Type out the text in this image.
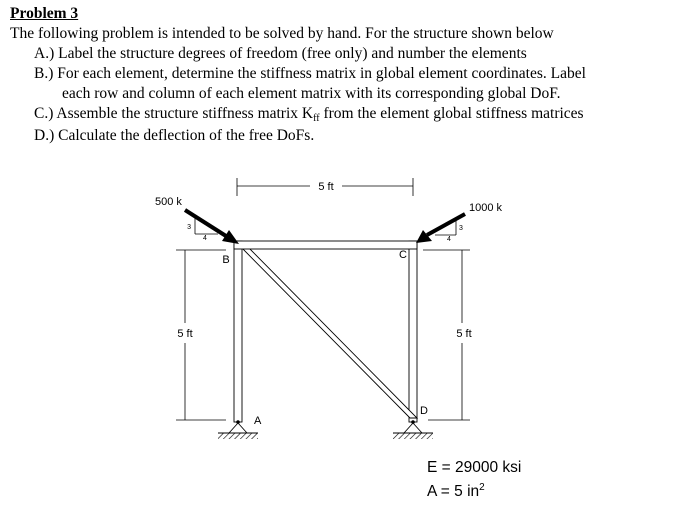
Problem 3
The following problem is intended to be solved by hand. For the structure shown below
A.) Label the structure degrees of freedom (free only) and number the elements
B.) For each element, determine the stiffness matrix in global element coordinates. Label
each row and column of each element matrix with its corresponding global DoF.
C.) Assemble the structure stiffness matrix Kff from the element global stiffness matrices
D.) Calculate the deflection of the free DoFs.
5 ft
5 ft	5 ft
3
4
500 k
3
4
1000 k
B	C
A
D
E = 29000 ksi
A = 5 $in^2$
